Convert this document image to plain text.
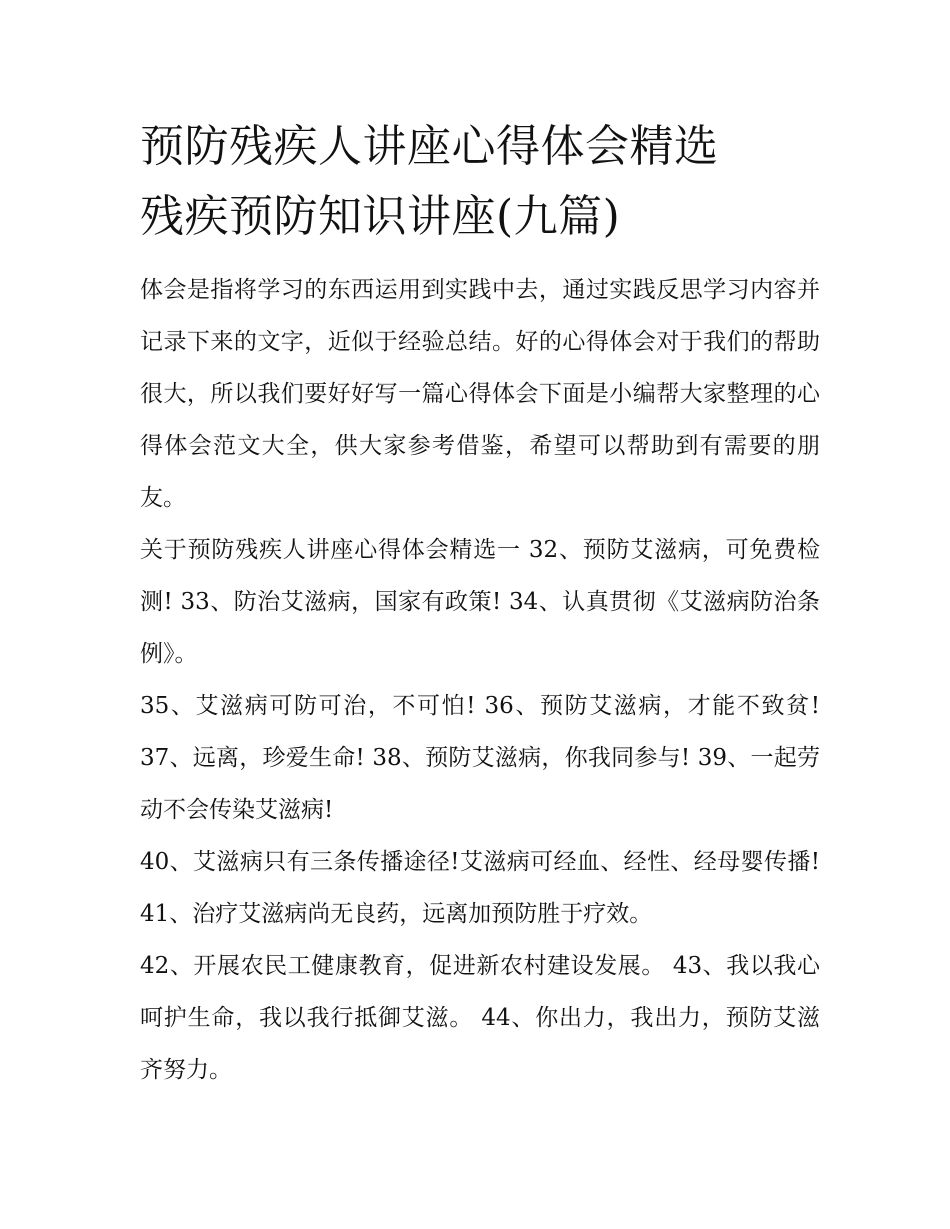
预防残疾人讲座心得体会精选
残疾预防知识讲座(九篇)

体会是指将学习的东西运用到实践中去，通过实践反思学习内容并记录下来的文字，近似于经验总结。好的心得体会对于我们的帮助很大，所以我们要好好写一篇心得体会下面是小编帮大家整理的心得体会范文大全，供大家参考借鉴，希望可以帮助到有需要的朋友。

关于预防残疾人讲座心得体会精选一 32、预防艾滋病，可免费检测! 33、防治艾滋病，国家有政策! 34、认真贯彻《艾滋病防治条例》。

35、艾滋病可防可治，不可怕! 36、预防艾滋病，才能不致贫! 37、远离，珍爱生命! 38、预防艾滋病，你我同参与! 39、一起劳动不会传染艾滋病!

40、艾滋病只有三条传播途径!艾滋病可经血、经性、经母婴传播! 41、治疗艾滋病尚无良药，远离加预防胜于疗效。

42、开展农民工健康教育，促进新农村建设发展。 43、我以我心呵护生命，我以我行抵御艾滋。 44、你出力，我出力，预防艾滋齐努力。
